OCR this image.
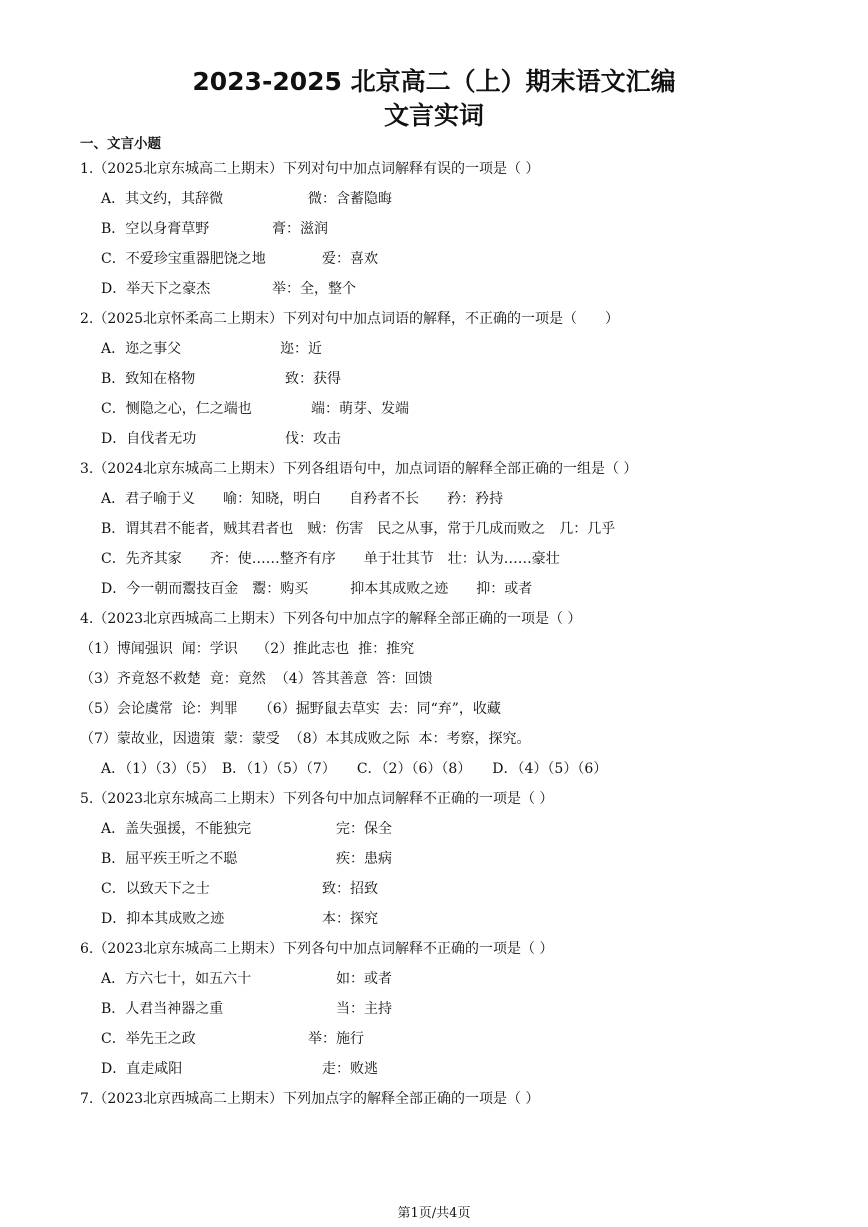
2023-2025 北京高二（上）期末语文汇编
文言实词
一、文言小题
1.（2025北京东城高二上期末）下列对句中加点词解释有误的一项是（ ）
A．其文约，其辞微	微：含蓄隐晦
B．空以身膏草野	膏：滋润
C．不爱珍宝重器肥饶之地	爱：喜欢
D．举天下之豪杰	举：全，整个
2.（2025北京怀柔高二上期末）下列对句中加点词语的解释，不正确的一项是（　　）
A．迩之事父	迩：近
B．致知在格物	致：获得
C．恻隐之心，仁之端也	端：萌芽、发端
D．自伐者无功	伐：攻击
3.（2024北京东城高二上期末）下列各组语句中，加点词语的解释全部正确的一组是（ ）
A．君子喻于义　　喻：知晓，明白　　自矜者不长　　矜：矜持
B．谓其君不能者，贼其君者也　贼：伤害　民之从事，常于几成而败之　几：几乎
C．先齐其家　　齐：使……整齐有序　　单于壮其节　壮：认为……豪壮
D．今一朝而鬻技百金　鬻：购买　　　抑本其成败之迹　　抑：或者
4.（2023北京西城高二上期末）下列各句中加点字的解释全部正确的一项是（ ）
（1）博闻强识  闻：学识　 （2）推此志也  推：推究
（3）齐竟怒不救楚  竟：竟然  （4）答其善意  答：回馈
（5）会论虞常  论：判罪　　（6）掘野鼠去草实  去：同“弃”，收藏
（7）蒙故业，因遗策  蒙：蒙受  （8）本其成败之际  本：考察，探究。
A．（1）（3）（5）　B．（1）（5）（7）　　C．（2）（6）（8）　　D．（4）（5）（6）
5.（2023北京东城高二上期末）下列各句中加点词解释不正确的一项是（ ）
A．盖失强援，不能独完	完：保全
B．屈平疾王听之不聪	疾：患病
C．以致天下之士	致：招致
D．抑本其成败之迹	本：探究
6.（2023北京东城高二上期末）下列各句中加点词解释不正确的一项是（ ）
A．方六七十，如五六十	如：或者
B．人君当神器之重	当：主持
C．举先王之政	举：施行
D．直走咸阳	走：败逃
7.（2023北京西城高二上期末）下列加点字的解释全部正确的一项是（ ）
第1页/共4页
